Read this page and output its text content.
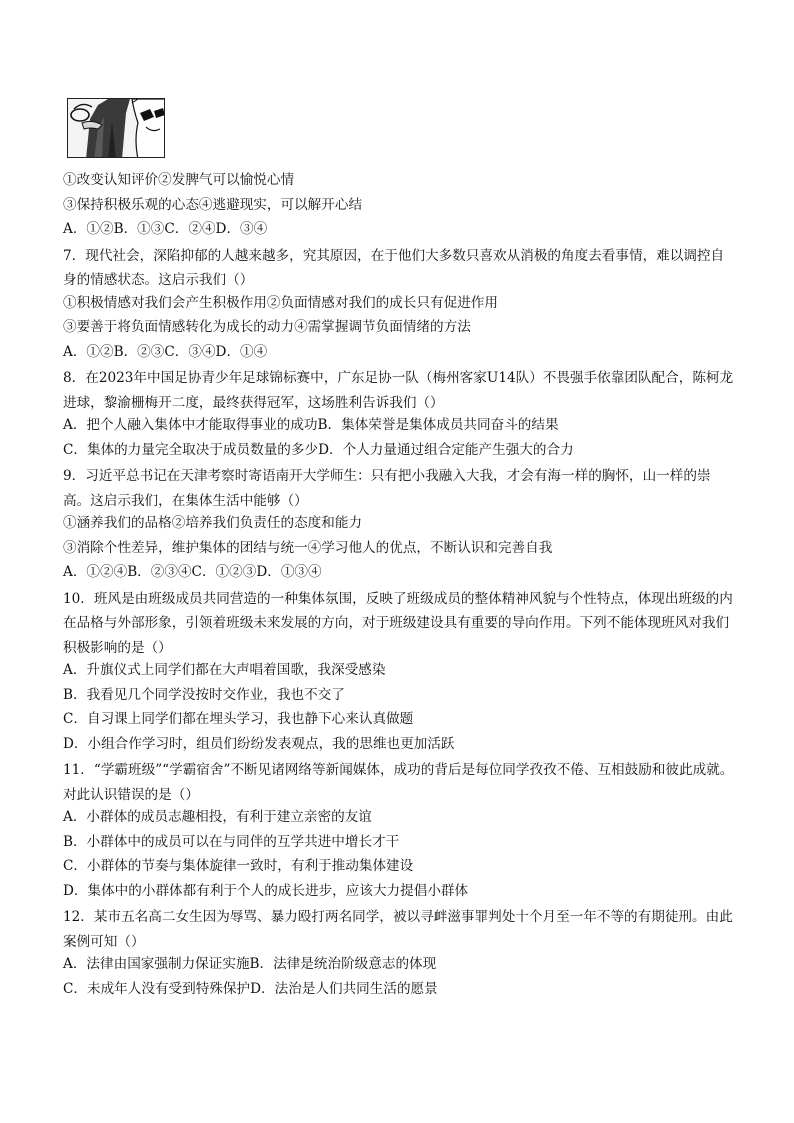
①改变认知评价②发脾气可以愉悦心情

③保持积极乐观的心态④逃避现实，可以解开心结

A．①②B．①③C．②④D．③④

7．现代社会，深陷抑郁的人越来越多，究其原因，在于他们大多数只喜欢从消极的角度去看事情，难以调控自身的情感状态。这启示我们（）

①积极情感对我们会产生积极作用②负面情感对我们的成长只有促进作用

③要善于将负面情感转化为成长的动力④需掌握调节负面情绪的方法

A．①②B．②③C．③④D．①④

8．在2023年中国足协青少年足球锦标赛中，广东足协一队（梅州客家U14队）不畏强手依靠团队配合，陈柯龙进球，黎渝栅梅开二度，最终获得冠军，这场胜利告诉我们（）

A．把个人融入集体中才能取得事业的成功B．集体荣誉是集体成员共同奋斗的结果

C．集体的力量完全取决于成员数量的多少D．个人力量通过组合定能产生强大的合力

9．习近平总书记在天津考察时寄语南开大学师生：只有把小我融入大我，才会有海一样的胸怀，山一样的崇高。这启示我们，在集体生活中能够（）

①涵养我们的品格②培养我们负责任的态度和能力

③消除个性差异，维护集体的团结与统一④学习他人的优点，不断认识和完善自我

A．①②④B．②③④C．①②③D．①③④

10．班风是由班级成员共同营造的一种集体氛围，反映了班级成员的整体精神风貌与个性特点，体现出班级的内在品格与外部形象，引领着班级未来发展的方向，对于班级建设具有重要的导向作用。下列不能体现班风对我们积极影响的是（）

A．升旗仪式上同学们都在大声唱着国歌，我深受感染

B．我看见几个同学没按时交作业，我也不交了

C．自习课上同学们都在埋头学习，我也静下心来认真做题

D．小组合作学习时，组员们纷纷发表观点，我的思维也更加活跃

11．“学霸班级”“学霸宿舍”不断见诸网络等新闻媒体，成功的背后是每位同学孜孜不倦、互相鼓励和彼此成就。对此认识错误的是（）

A．小群体的成员志趣相投，有利于建立亲密的友谊

B．小群体中的成员可以在与同伴的互学共进中增长才干

C．小群体的节奏与集体旋律一致时，有利于推动集体建设

D．集体中的小群体都有利于个人的成长进步，应该大力提倡小群体

12．某市五名高二女生因为辱骂、暴力殴打两名同学，被以寻衅滋事罪判处十个月至一年不等的有期徒刑。由此案例可知（）

A．法律由国家强制力保证实施B．法律是统治阶级意志的体现

C．未成年人没有受到特殊保护D．法治是人们共同生活的愿景
